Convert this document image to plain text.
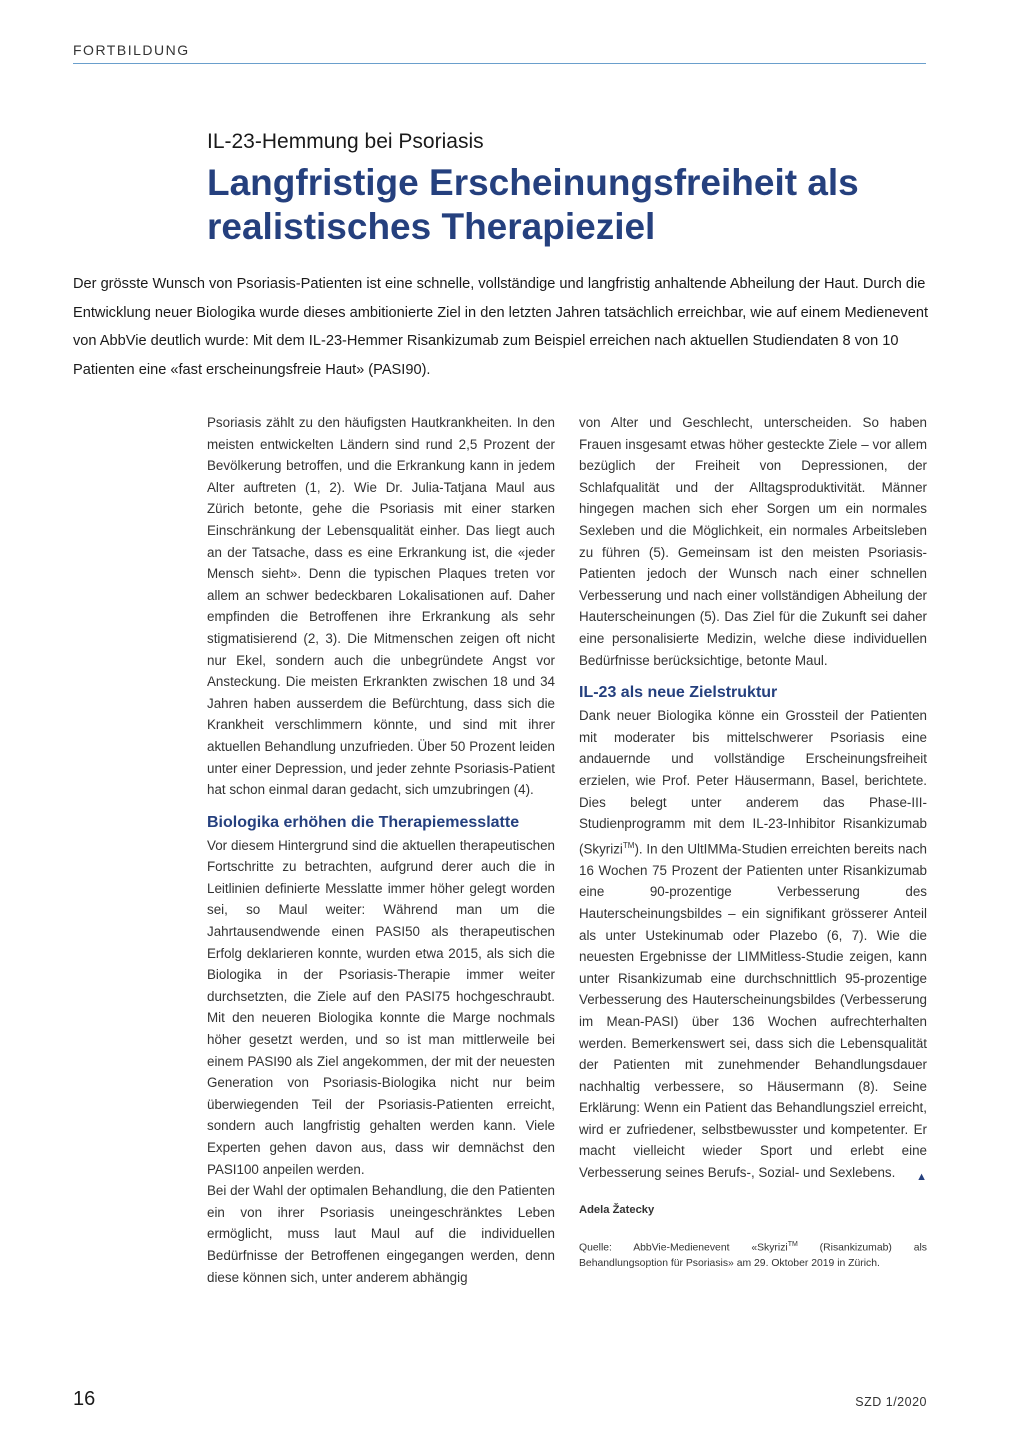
FORTBILDUNG
IL-23-Hemmung bei Psoriasis
Langfristige Erscheinungsfreiheit als realistisches Therapieziel

Der grösste Wunsch von Psoriasis-Patienten ist eine schnelle, vollständige und langfristig anhaltende Abheilung der Haut. Durch die Entwicklung neuer Biologika wurde dieses ambitionierte Ziel in den letzten Jahren tatsächlich erreichbar, wie auf einem Medienevent von AbbVie deutlich wurde: Mit dem IL-23-Hemmer Risankizumab zum Beispiel erreichen nach aktuellen Studiendaten 8 von 10 Patienten eine «fast erscheinungsfreie Haut» (PASI90).

Psoriasis zählt zu den häufigsten Hautkrankheiten. In den meisten entwickelten Ländern sind rund 2,5 Prozent der Bevölkerung betroffen, und die Erkrankung kann in jedem Alter auftreten (1, 2). Wie Dr. Julia-Tatjana Maul aus Zürich betonte, gehe die Psoriasis mit einer starken Einschränkung der Lebensqualität einher. Das liegt auch an der Tatsache, dass es eine Erkrankung ist, die «jeder Mensch sieht». Denn die typischen Plaques treten vor allem an schwer bedeckbaren Lokalisationen auf. Daher empfinden die Betroffenen ihre Erkrankung als sehr stigmatisierend (2, 3). Die Mitmenschen zeigen oft nicht nur Ekel, sondern auch die unbegründete Angst vor Ansteckung. Die meisten Erkrankten zwischen 18 und 34 Jahren haben ausserdem die Befürchtung, dass sich die Krankheit verschlimmern könnte, und sind mit ihrer aktuellen Behandlung unzufrieden. Über 50 Prozent leiden unter einer Depression, und jeder zehnte Psoriasis-Patient hat schon einmal daran gedacht, sich umzubringen (4).

Biologika erhöhen die Therapiemesslatte

Vor diesem Hintergrund sind die aktuellen therapeutischen Fortschritte zu betrachten, aufgrund derer auch die in Leitlinien definierte Messlatte immer höher gelegt worden sei, so Maul weiter: Während man um die Jahrtausendwende einen PASI50 als therapeutischen Erfolg deklarieren konnte, wurden etwa 2015, als sich die Biologika in der Psoriasis-Therapie immer weiter durchsetzten, die Ziele auf den PASI75 hochgeschraubt. Mit den neueren Biologika konnte die Marge nochmals höher gesetzt werden, und so ist man mittlerweile bei einem PASI90 als Ziel angekommen, der mit der neuesten Generation von Psoriasis-Biologika nicht nur beim überwiegenden Teil der Psoriasis-Patienten erreicht, sondern auch langfristig gehalten werden kann. Viele Experten gehen davon aus, dass wir demnächst den PASI100 anpeilen werden.

Bei der Wahl der optimalen Behandlung, die den Patienten ein von ihrer Psoriasis uneingeschränktes Leben ermöglicht, muss laut Maul auf die individuellen Bedürfnisse der Betroffenen eingegangen werden, denn diese können sich, unter anderem abhängig

von Alter und Geschlecht, unterscheiden. So haben Frauen insgesamt etwas höher gesteckte Ziele – vor allem bezüglich der Freiheit von Depressionen, der Schlafqualität und der Alltagsproduktivität. Männer hingegen machen sich eher Sorgen um ein normales Sexleben und die Möglichkeit, ein normales Arbeitsleben zu führen (5). Gemeinsam ist den meisten Psoriasis-Patienten jedoch der Wunsch nach einer schnellen Verbesserung und nach einer vollständigen Abheilung der Hauterscheinungen (5). Das Ziel für die Zukunft sei daher eine personalisierte Medizin, welche diese individuellen Bedürfnisse berücksichtige, betonte Maul.

IL-23 als neue Zielstruktur

Dank neuer Biologika könne ein Grossteil der Patienten mit moderater bis mittelschwerer Psoriasis eine andauernde und vollständige Erscheinungsfreiheit erzielen, wie Prof. Peter Häusermann, Basel, berichtete. Dies belegt unter anderem das Phase-III-Studienprogramm mit dem IL-23-Inhibitor Risankizumab (Skyrizi™). In den UltIMMa-Studien erreichten bereits nach 16 Wochen 75 Prozent der Patienten unter Risankizumab eine 90-prozentige Verbesserung des Hauterscheinungsbildes – ein signifikant grösserer Anteil als unter Ustekinumab oder Plazebo (6, 7). Wie die neuesten Ergebnisse der LIMMitless-Studie zeigen, kann unter Risankizumab eine durchschnittlich 95-prozentige Verbesserung des Hauterscheinungsbildes (Verbesserung im Mean-PASI) über 136 Wochen aufrechterhalten werden. Bemerkenswert sei, dass sich die Lebensqualität der Patienten mit zunehmender Behandlungsdauer nachhaltig verbessere, so Häusermann (8). Seine Erklärung: Wenn ein Patient das Behandlungsziel erreicht, wird er zufriedener, selbstbewusster und kompetenter. Er macht vielleicht wieder Sport und erlebt eine Verbesserung seines Berufs-, Sozial- und Sexlebens. ▲

Adela Žatecky
Quelle: AbbVie-Medienevent «Skyrizi™ (Risankizumab) als Behandlungsoption für Psoriasis» am 29. Oktober 2019 in Zürich.
16	SZD 1/2020
